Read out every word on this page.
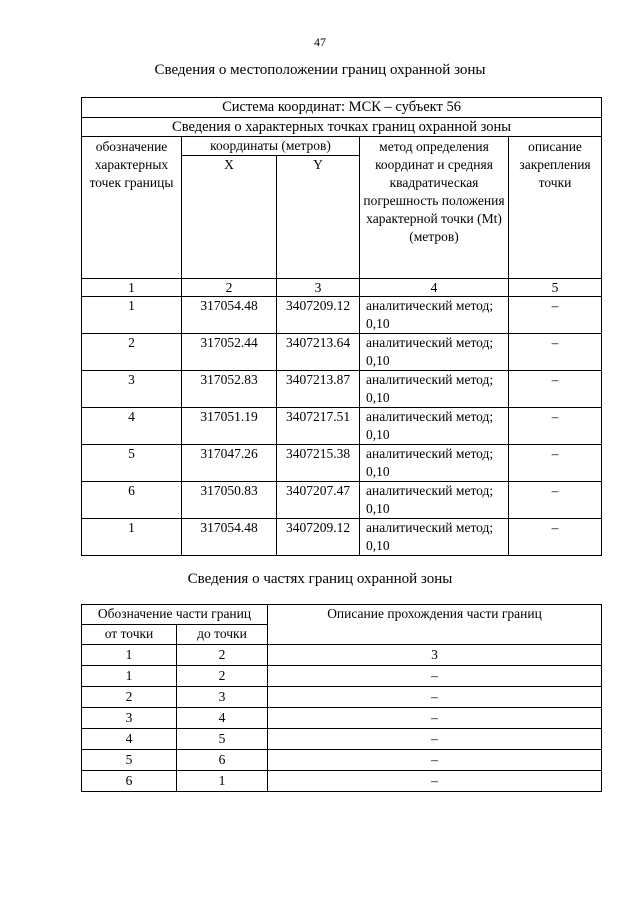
47
Сведения о местоположении границ охранной зоны
Система координат: МСК – субъект 56				
Сведения о характерных точках границ охранной зоны				
обозначение характерных точек границы	координаты (метров)		метод определения координат и средняя квадратическая погрешность положения характерной точки (Mt) (метров)	описание закрепления точки
	X	Y		
1	2	3	4	5
1	317054.48	3407209.12	аналитический метод; 0,10	–
2	317052.44	3407213.64	аналитический метод; 0,10	–
3	317052.83	3407213.87	аналитический метод; 0,10	–
4	317051.19	3407217.51	аналитический метод; 0,10	–
5	317047.26	3407215.38	аналитический метод; 0,10	–
6	317050.83	3407207.47	аналитический метод; 0,10	–
1	317054.48	3407209.12	аналитический метод; 0,10	–
Сведения о частях границ охранной зоны
Обозначение части границ		Описание прохождения части границ
от точки	до точки	
1	2	3
1	2	–
2	3	–
3	4	–
4	5	–
5	6	–
6	1	–
